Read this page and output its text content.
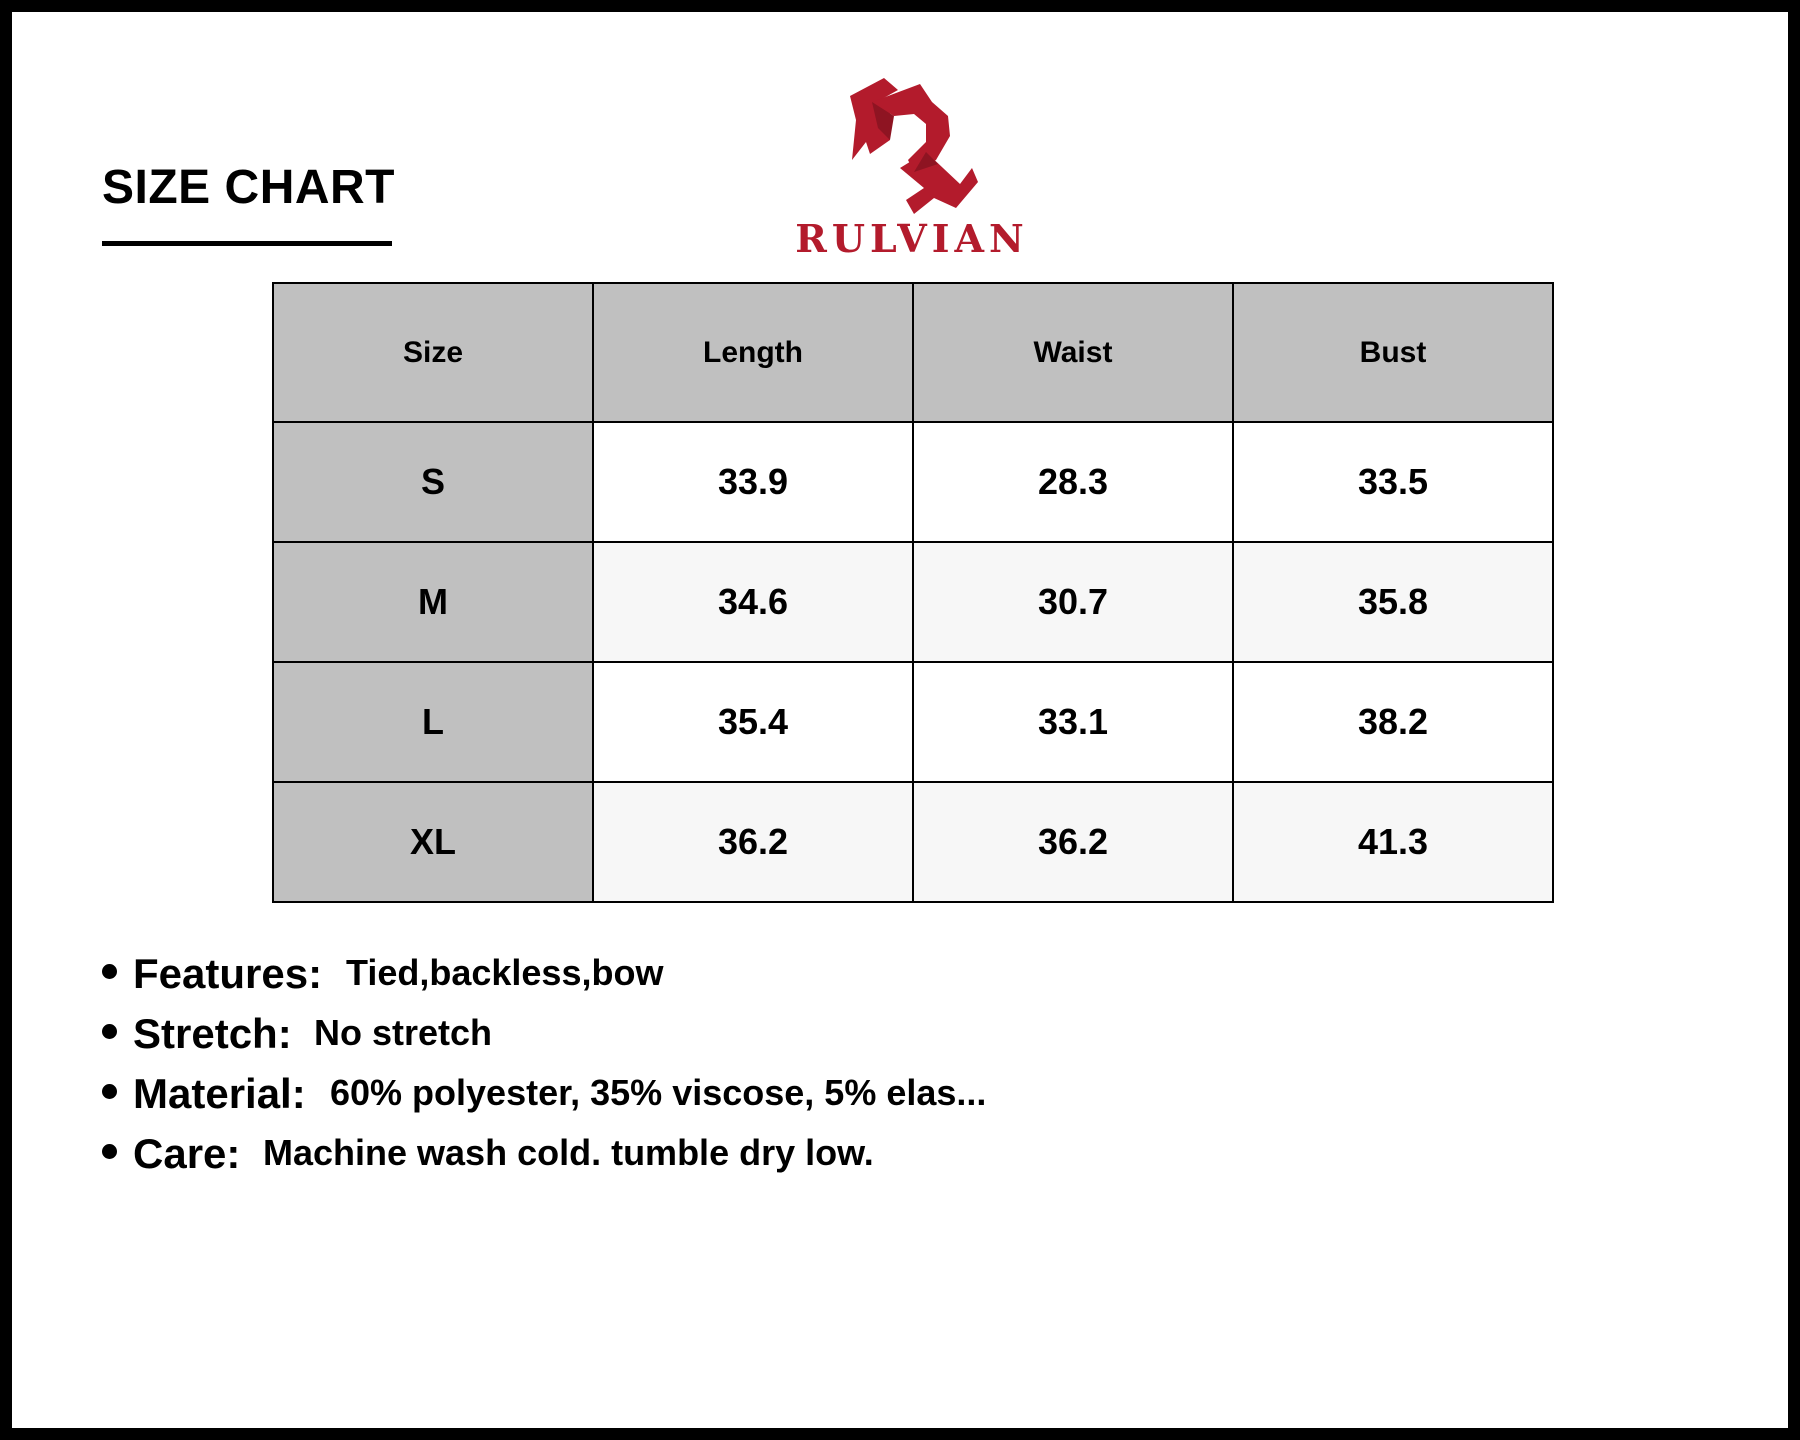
SIZE CHART
RULVIAN
Size	Length	Waist	Bust
S	33.9	28.3	33.5
M	34.6	30.7	35.8
L	35.4	33.1	38.2
XL	36.2	36.2	41.3
Features: Tied,backless,bow
Stretch: No stretch
Material: 60% polyester, 35% viscose, 5% elas...
Care: Machine wash cold. tumble dry low.
